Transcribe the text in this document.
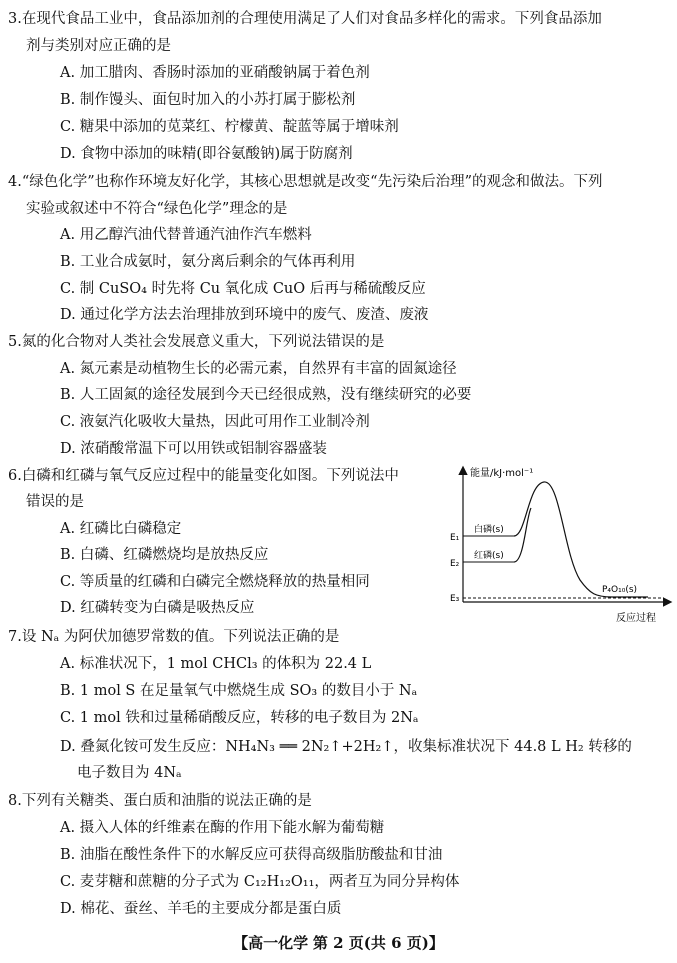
3.在现代食品工业中，食品添加剂的合理使用满足了人们对食品多样化的需求。下列食品添加
剂与类别对应正确的是
A. 加工腊肉、香肠时添加的亚硝酸钠属于着色剂
B. 制作馒头、面包时加入的小苏打属于膨松剂
C. 糖果中添加的苋菜红、柠檬黄、靛蓝等属于增味剂
D. 食物中添加的味精(即谷氨酸钠)属于防腐剂
4.“绿色化学”也称作环境友好化学，其核心思想就是改变“先污染后治理”的观念和做法。下列
实验或叙述中不符合“绿色化学”理念的是
A. 用乙醇汽油代替普通汽油作汽车燃料
B. 工业合成氨时，氨分离后剩余的气体再利用
C. 制 CuSO₄ 时先将 Cu 氧化成 CuO 后再与稀硫酸反应
D. 通过化学方法去治理排放到环境中的废气、废渣、废液
5.氮的化合物对人类社会发展意义重大，下列说法错误的是
A. 氮元素是动植物生长的必需元素，自然界有丰富的固氮途径
B. 人工固氮的途径发展到今天已经很成熟，没有继续研究的必要
C. 液氨汽化吸收大量热，因此可用作工业制冷剂
D. 浓硝酸常温下可以用铁或铝制容器盛装
6.白磷和红磷与氧气反应过程中的能量变化如图。下列说法中
错误的是
A. 红磷比白磷稳定
B. 白磷、红磷燃烧均是放热反应
C. 等质量的红磷和白磷完全燃烧释放的热量相同
D. 红磷转变为白磷是吸热反应
能量/kJ·mol⁻¹
反应过程
E₁
E₂
E₃
白磷(s)
红磷(s)
P₄O₁₀(s)
7.设 Nₐ 为阿伏加德罗常数的值。下列说法正确的是
A. 标准状况下，1 mol CHCl₃ 的体积为 22.4 L
B. 1 mol S 在足量氧气中燃烧生成 SO₃ 的数目小于 Nₐ
C. 1 mol 铁和过量稀硝酸反应，转移的电子数目为 2Nₐ
D. 叠氮化铵可发生反应：NH₄N₃ ══ 2N₂↑+2H₂↑，收集标准状况下 44.8 L H₂ 转移的
电子数目为 4Nₐ
8.下列有关糖类、蛋白质和油脂的说法正确的是
A. 摄入人体的纤维素在酶的作用下能水解为葡萄糖
B. 油脂在酸性条件下的水解反应可获得高级脂肪酸盐和甘油
C. 麦芽糖和蔗糖的分子式为 C₁₂H₁₂O₁₁，两者互为同分异构体
D. 棉花、蚕丝、羊毛的主要成分都是蛋白质
【高一化学 第 2 页(共 6 页)】
